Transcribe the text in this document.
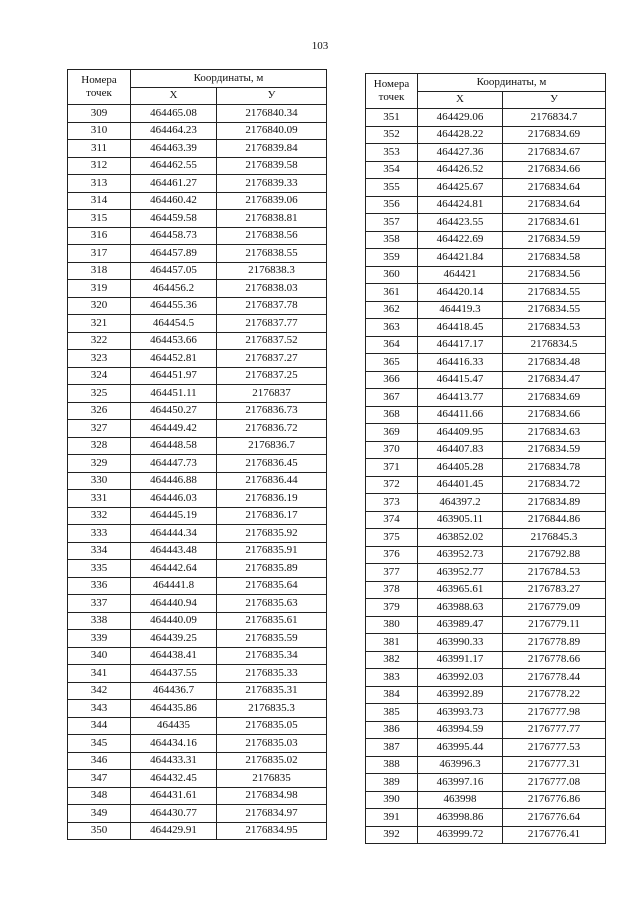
103
Номера
точек	Координаты, м	
	X	У
309	464465.08	2176840.34
310	464464.23	2176840.09
311	464463.39	2176839.84
312	464462.55	2176839.58
313	464461.27	2176839.33
314	464460.42	2176839.06
315	464459.58	2176838.81
316	464458.73	2176838.56
317	464457.89	2176838.55
318	464457.05	2176838.3
319	464456.2	2176838.03
320	464455.36	2176837.78
321	464454.5	2176837.77
322	464453.66	2176837.52
323	464452.81	2176837.27
324	464451.97	2176837.25
325	464451.11	2176837
326	464450.27	2176836.73
327	464449.42	2176836.72
328	464448.58	2176836.7
329	464447.73	2176836.45
330	464446.88	2176836.44
331	464446.03	2176836.19
332	464445.19	2176836.17
333	464444.34	2176835.92
334	464443.48	2176835.91
335	464442.64	2176835.89
336	464441.8	2176835.64
337	464440.94	2176835.63
338	464440.09	2176835.61
339	464439.25	2176835.59
340	464438.41	2176835.34
341	464437.55	2176835.33
342	464436.7	2176835.31
343	464435.86	2176835.3
344	464435	2176835.05
345	464434.16	2176835.03
346	464433.31	2176835.02
347	464432.45	2176835
348	464431.61	2176834.98
349	464430.77	2176834.97
350	464429.91	2176834.95
Номера
точек	Координаты, м	
	X	У
351	464429.06	2176834.7
352	464428.22	2176834.69
353	464427.36	2176834.67
354	464426.52	2176834.66
355	464425.67	2176834.64
356	464424.81	2176834.64
357	464423.55	2176834.61
358	464422.69	2176834.59
359	464421.84	2176834.58
360	464421	2176834.56
361	464420.14	2176834.55
362	464419.3	2176834.55
363	464418.45	2176834.53
364	464417.17	2176834.5
365	464416.33	2176834.48
366	464415.47	2176834.47
367	464413.77	2176834.69
368	464411.66	2176834.66
369	464409.95	2176834.63
370	464407.83	2176834.59
371	464405.28	2176834.78
372	464401.45	2176834.72
373	464397.2	2176834.89
374	463905.11	2176844.86
375	463852.02	2176845.3
376	463952.73	2176792.88
377	463952.77	2176784.53
378	463965.61	2176783.27
379	463988.63	2176779.09
380	463989.47	2176779.11
381	463990.33	2176778.89
382	463991.17	2176778.66
383	463992.03	2176778.44
384	463992.89	2176778.22
385	463993.73	2176777.98
386	463994.59	2176777.77
387	463995.44	2176777.53
388	463996.3	2176777.31
389	463997.16	2176777.08
390	463998	2176776.86
391	463998.86	2176776.64
392	463999.72	2176776.41
